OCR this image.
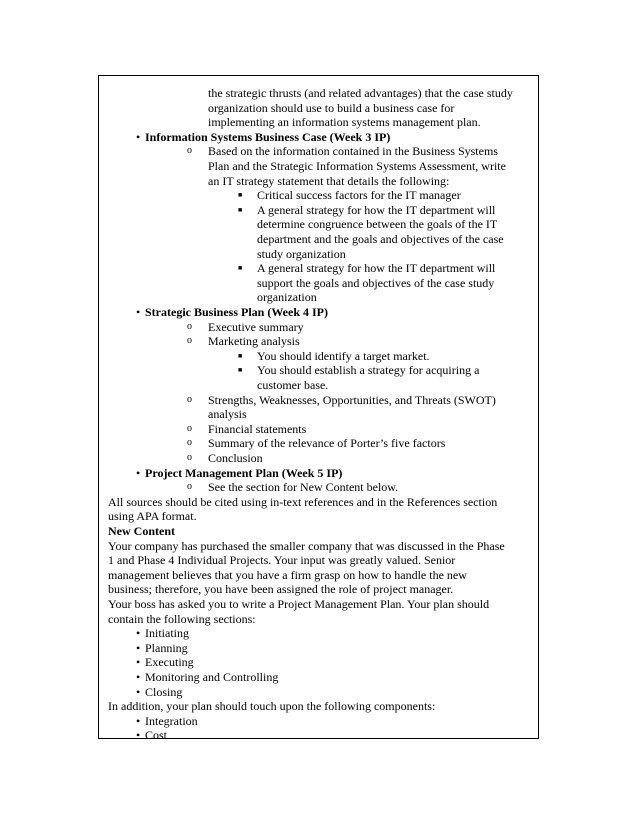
the strategic thrusts (and related advantages) that the case study
organization should use to build a business case for
implementing an information systems management plan.
• Information Systems Business Case (Week 3 IP)
o Based on the information contained in the Business Systems
Plan and the Strategic Information Systems Assessment, write
an IT strategy statement that details the following:
■ Critical success factors for the IT manager
■ A general strategy for how the IT department will
determine congruence between the goals of the IT
department and the goals and objectives of the case
study organization
■ A general strategy for how the IT department will
support the goals and objectives of the case study
organization
• Strategic Business Plan (Week 4 IP)
o Executive summary
o Marketing analysis
■ You should identify a target market.
■ You should establish a strategy for acquiring a
customer base.
o Strengths, Weaknesses, Opportunities, and Threats (SWOT)
analysis
o Financial statements
o Summary of the relevance of Porter’s five factors
o Conclusion
• Project Management Plan (Week 5 IP)
o See the section for New Content below.
All sources should be cited using in-text references and in the References section
using APA format.
New Content
Your company has purchased the smaller company that was discussed in the Phase
1 and Phase 4 Individual Projects. Your input was greatly valued. Senior
management believes that you have a firm grasp on how to handle the new
business; therefore, you have been assigned the role of project manager.
Your boss has asked you to write a Project Management Plan. Your plan should
contain the following sections:
• Initiating
• Planning
• Executing
• Monitoring and Controlling
• Closing
In addition, your plan should touch upon the following components:
• Integration
• Cost
